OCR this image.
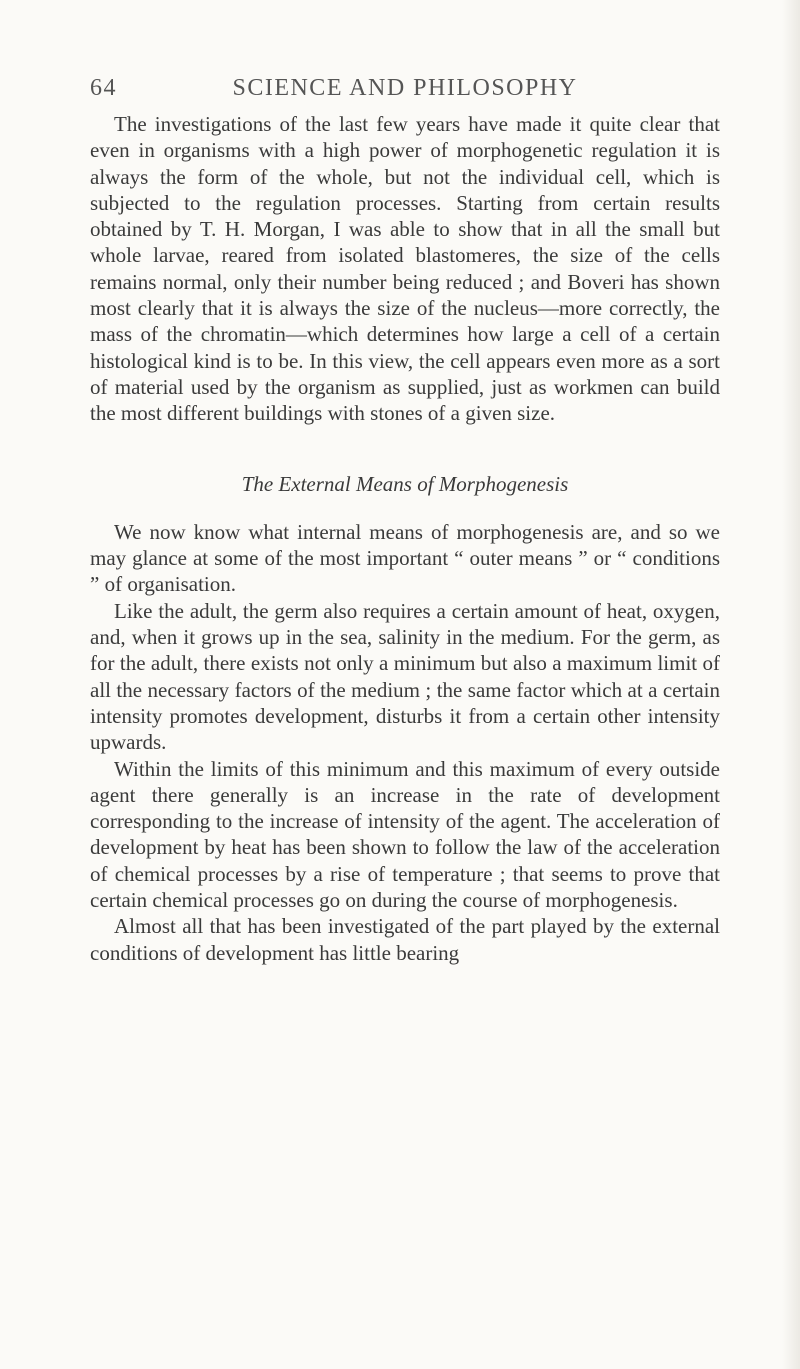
64	SCIENCE AND PHILOSOPHY

The investigations of the last few years have made it quite clear that even in organisms with a high power of morphogenetic regulation it is always the form of the whole, but not the individual cell, which is subjected to the regulation processes. Starting from certain results obtained by T. H. Morgan, I was able to show that in all the small but whole larvae, reared from isolated blastomeres, the size of the cells remains normal, only their number being reduced ; and Boveri has shown most clearly that it is always the size of the nucleus—more correctly, the mass of the chromatin—which determines how large a cell of a certain histological kind is to be. In this view, the cell appears even more as a sort of material used by the organism as supplied, just as workmen can build the most different buildings with stones of a given size.

The External Means of Morphogenesis

We now know what internal means of morphogenesis are, and so we may glance at some of the most important “ outer means ” or “ conditions ” of organisation.

Like the adult, the germ also requires a certain amount of heat, oxygen, and, when it grows up in the sea, salinity in the medium. For the germ, as for the adult, there exists not only a minimum but also a maximum limit of all the necessary factors of the medium ; the same factor which at a certain intensity promotes development, disturbs it from a certain other intensity upwards.

Within the limits of this minimum and this maximum of every outside agent there generally is an increase in the rate of development corresponding to the increase of intensity of the agent. The acceleration of development by heat has been shown to follow the law of the acceleration of chemical processes by a rise of temperature ; that seems to prove that certain chemical processes go on during the course of morphogenesis.

Almost all that has been investigated of the part played by the external conditions of development has little bearing
